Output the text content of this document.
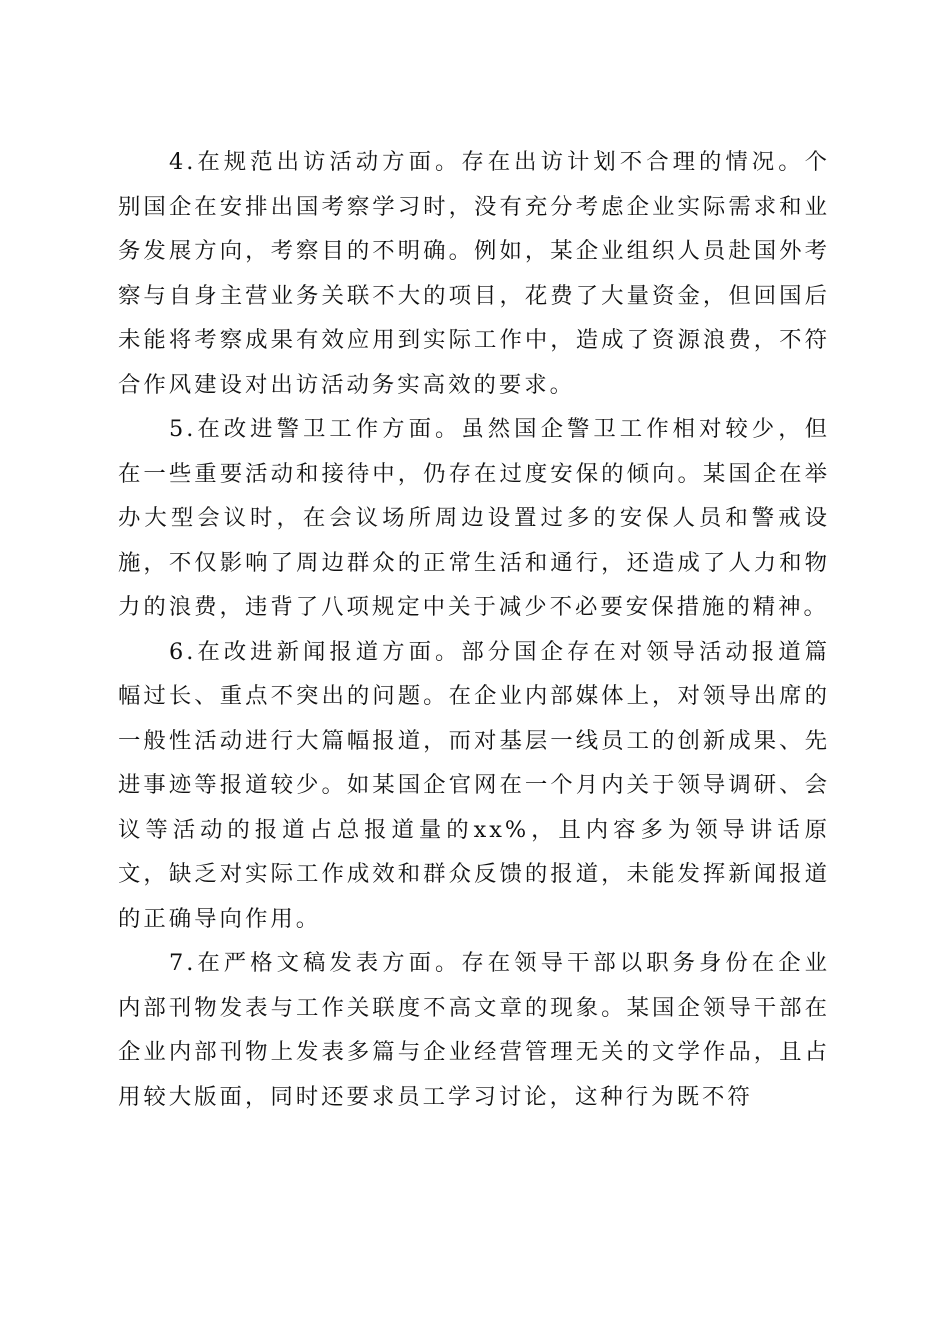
4.在规范出访活动方面。存在出访计划不合理的情况。个别国企在安排出国考察学习时，没有充分考虑企业实际需求和业务发展方向，考察目的不明确。例如，某企业组织人员赴国外考察与自身主营业务关联不大的项目，花费了大量资金，但回国后未能将考察成果有效应用到实际工作中，造成了资源浪费，不符合作风建设对出访活动务实高效的要求。

5.在改进警卫工作方面。虽然国企警卫工作相对较少，但在一些重要活动和接待中，仍存在过度安保的倾向。某国企在举办大型会议时，在会议场所周边设置过多的安保人员和警戒设施，不仅影响了周边群众的正常生活和通行，还造成了人力和物力的浪费，违背了八项规定中关于减少不必要安保措施的精神。

6.在改进新闻报道方面。部分国企存在对领导活动报道篇幅过长、重点不突出的问题。在企业内部媒体上，对领导出席的一般性活动进行大篇幅报道，而对基层一线员工的创新成果、先进事迹等报道较少。如某国企官网在一个月内关于领导调研、会议等活动的报道占总报道量的xx%，且内容多为领导讲话原文，缺乏对实际工作成效和群众反馈的报道，未能发挥新闻报道的正确导向作用。

7.在严格文稿发表方面。存在领导干部以职务身份在企业内部刊物发表与工作关联度不高文章的现象。某国企领导干部在企业内部刊物上发表多篇与企业经营管理无关的文学作品，且占用较大版面，同时还要求员工学习讨论，这种行为既不符
